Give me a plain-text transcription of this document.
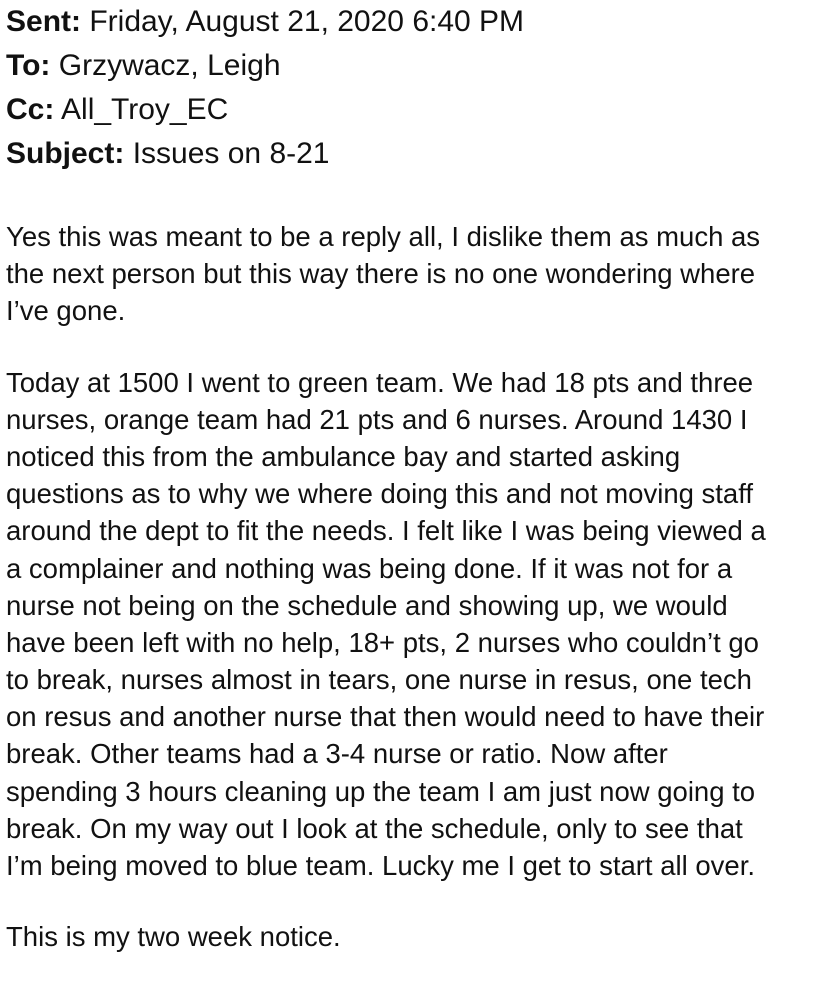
Sent: Friday, August 21, 2020 6:40 PM

To: Grzywacz, Leigh

Cc: All_Troy_EC

Subject: Issues on 8-21

Yes this was meant to be a reply all, I dislike them as much as
the next person but this way there is no one wondering where
I’ve gone.

Today at 1500 I went to green team. We had 18 pts and three
nurses, orange team had 21 pts and 6 nurses. Around 1430 I
noticed this from the ambulance bay and started asking
questions as to why we where doing this and not moving staff
around the dept to fit the needs. I felt like I was being viewed a
a complainer and nothing was being done. If it was not for a
nurse not being on the schedule and showing up, we would
have been left with no help, 18+ pts, 2 nurses who couldn’t go
to break, nurses almost in tears, one nurse in resus, one tech
on resus and another nurse that then would need to have their
break. Other teams had a 3-4 nurse or ratio. Now after
spending 3 hours cleaning up the team I am just now going to
break. On my way out I look at the schedule, only to see that
I’m being moved to blue team. Lucky me I get to start all over.

This is my two week notice.
